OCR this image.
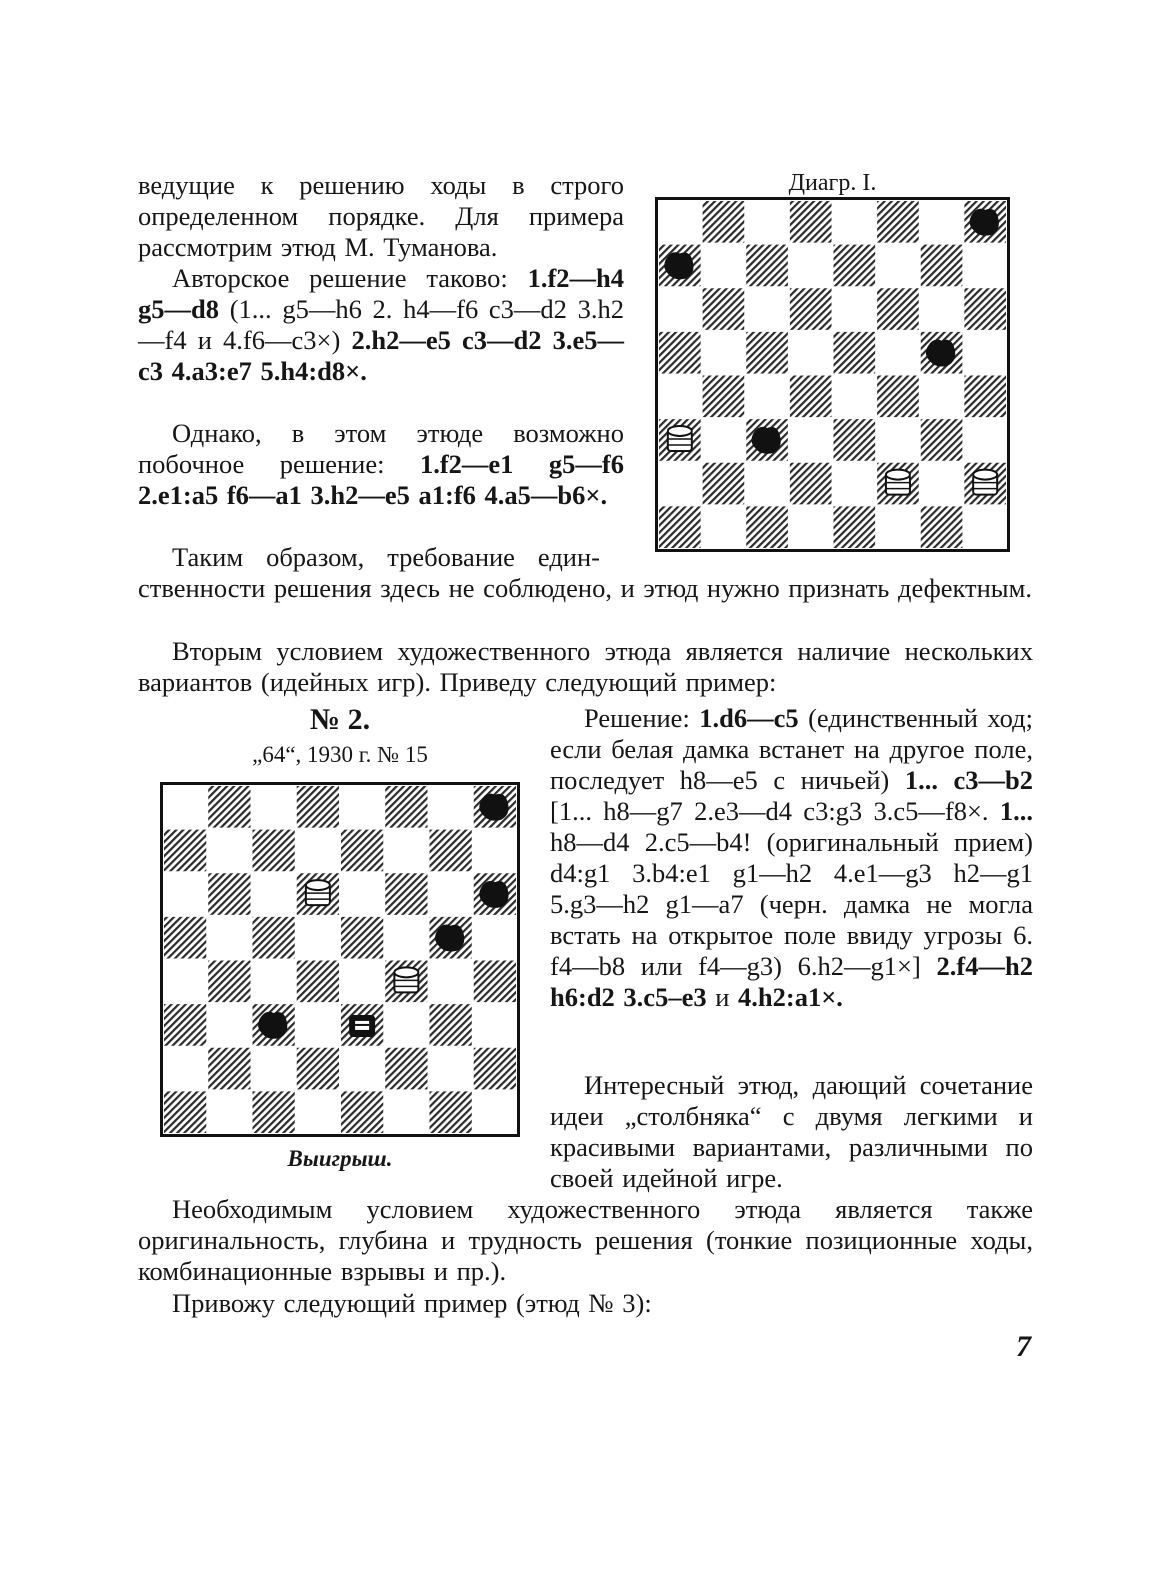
ведущие к решению ходы в строго определенном порядке. Для примера рассмотрим этюд М. Туманова.

Авторское решение таково: 1.f2—h4 g5—d8 (1... g5—h6 2. h4—f6 c3—d2 3.h2—f4 и 4.f6—c3×) 2.h2—e5 c3—d2 3.e5—c3 4.a3:e7 5.h4:d8×.

Однако, в этом этюде возможно побочное решение: 1.f2—e1 g5—f6 2.e1:a5 f6—a1 3.h2—e5 a1:f6 4.a5—b6×.

Таким образом, требование един-

ственности решения здесь не соблюдено, и этюд нужно признать дефектным.

Вторым условием художественного этюда является наличие нескольких вариантов (идейных игр). Приведу следующий пример:

Диагр. I.
№ 2.
„64“, 1930 г. № 15
Выигрыш.

Решение: 1.d6—c5 (единственный ход; если белая дамка встанет на другое поле, последует h8—e5 с ничьей) 1... c3—b2 [1... h8—g7 2.e3—d4 c3:g3 3.c5—f8×. 1... h8—d4 2.c5—b4! (оригинальный прием) d4:g1 3.b4:e1 g1—h2 4.e1—g3 h2—g1 5.g3—h2 g1—a7 (черн. дамка не могла встать на открытое поле ввиду угрозы 6. f4—b8 или f4—g3) 6.h2—g1×] 2.f4—h2 h6:d2 3.c5–e3 и 4.h2:a1×.

Интересный этюд, дающий сочетание идеи „столбняка“ с двумя легкими и красивыми вариантами, различными по своей идейной игре.

Необходимым условием художественного этюда является также оригинальность, глубина и трудность решения (тонкие позиционные ходы, комбинационные взрывы и пр.).

Привожу следующий пример (этюд № 3):

7
